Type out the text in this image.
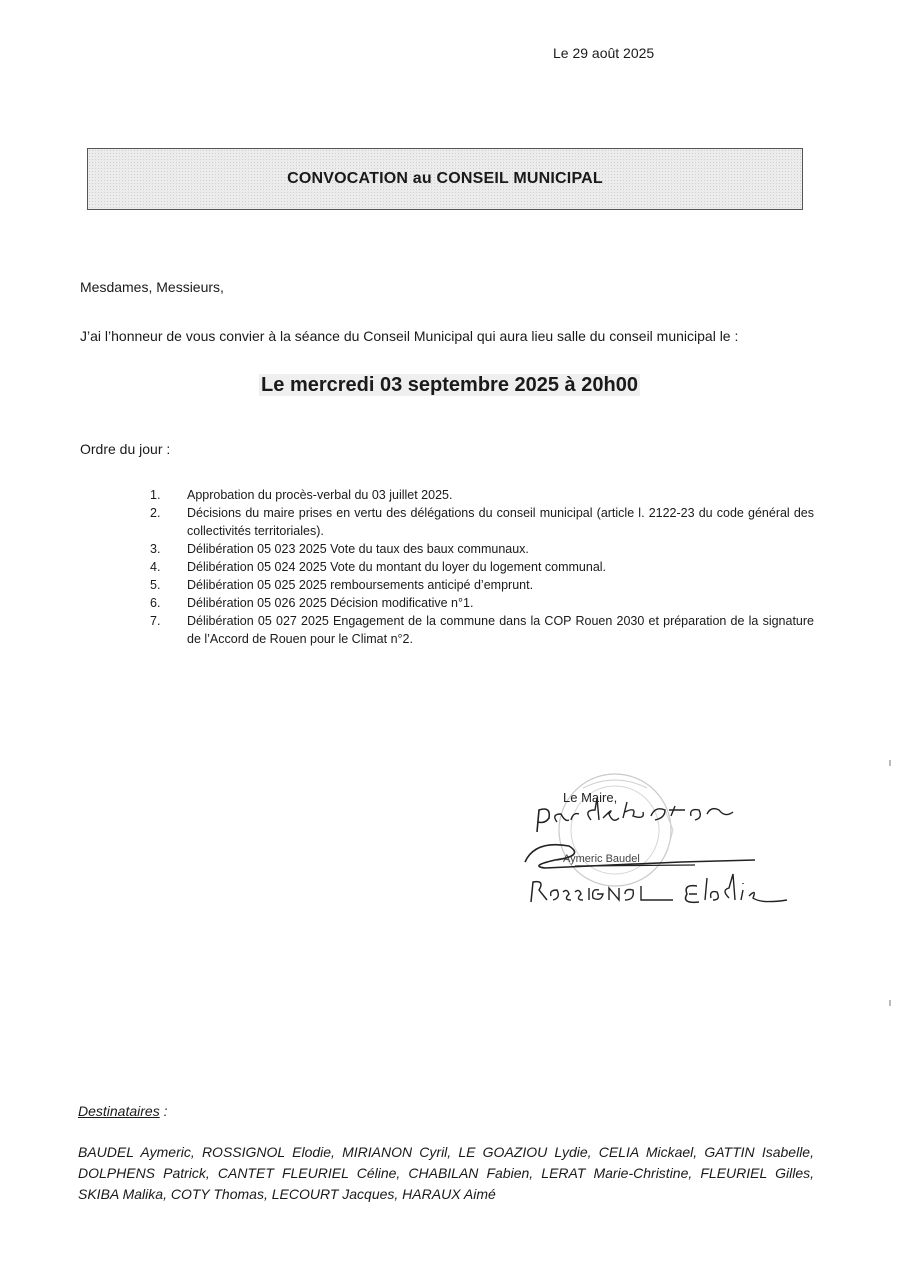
Le 29 août 2025
CONVOCATION au CONSEIL MUNICIPAL
Mesdames, Messieurs,
J’ai l’honneur de vous convier à la séance du Conseil Municipal qui aura lieu salle du conseil municipal le :
Le mercredi 03 septembre 2025 à 20h00
Ordre du jour :
1.	Approbation du procès-verbal du 03 juillet 2025.
2.	Décisions du maire prises en vertu des délégations du conseil municipal (article l. 2122-23 du code général des collectivités territoriales).
3.	Délibération 05 023 2025 Vote du taux des baux communaux.
4.	Délibération 05 024 2025 Vote du montant du loyer du logement communal.
5.	Délibération 05 025 2025 remboursements anticipé d’emprunt.
6.	Délibération 05 026 2025 Décision modificative n°1.
7.	Délibération 05 027 2025 Engagement de la commune dans la COP Rouen 2030 et préparation de la signature de l’Accord de Rouen pour le Climat n°2.
Le Maire,
Aymeric Baudel
Destinataires :
BAUDEL Aymeric, ROSSIGNOL Elodie, MIRIANON Cyril, LE GOAZIOU Lydie, CELIA Mickael, GATTIN Isabelle, DOLPHENS Patrick, CANTET FLEURIEL Céline, CHABILAN Fabien, LERAT Marie-Christine, FLEURIEL Gilles, SKIBA Malika, COTY Thomas, LECOURT Jacques, HARAUX Aimé
